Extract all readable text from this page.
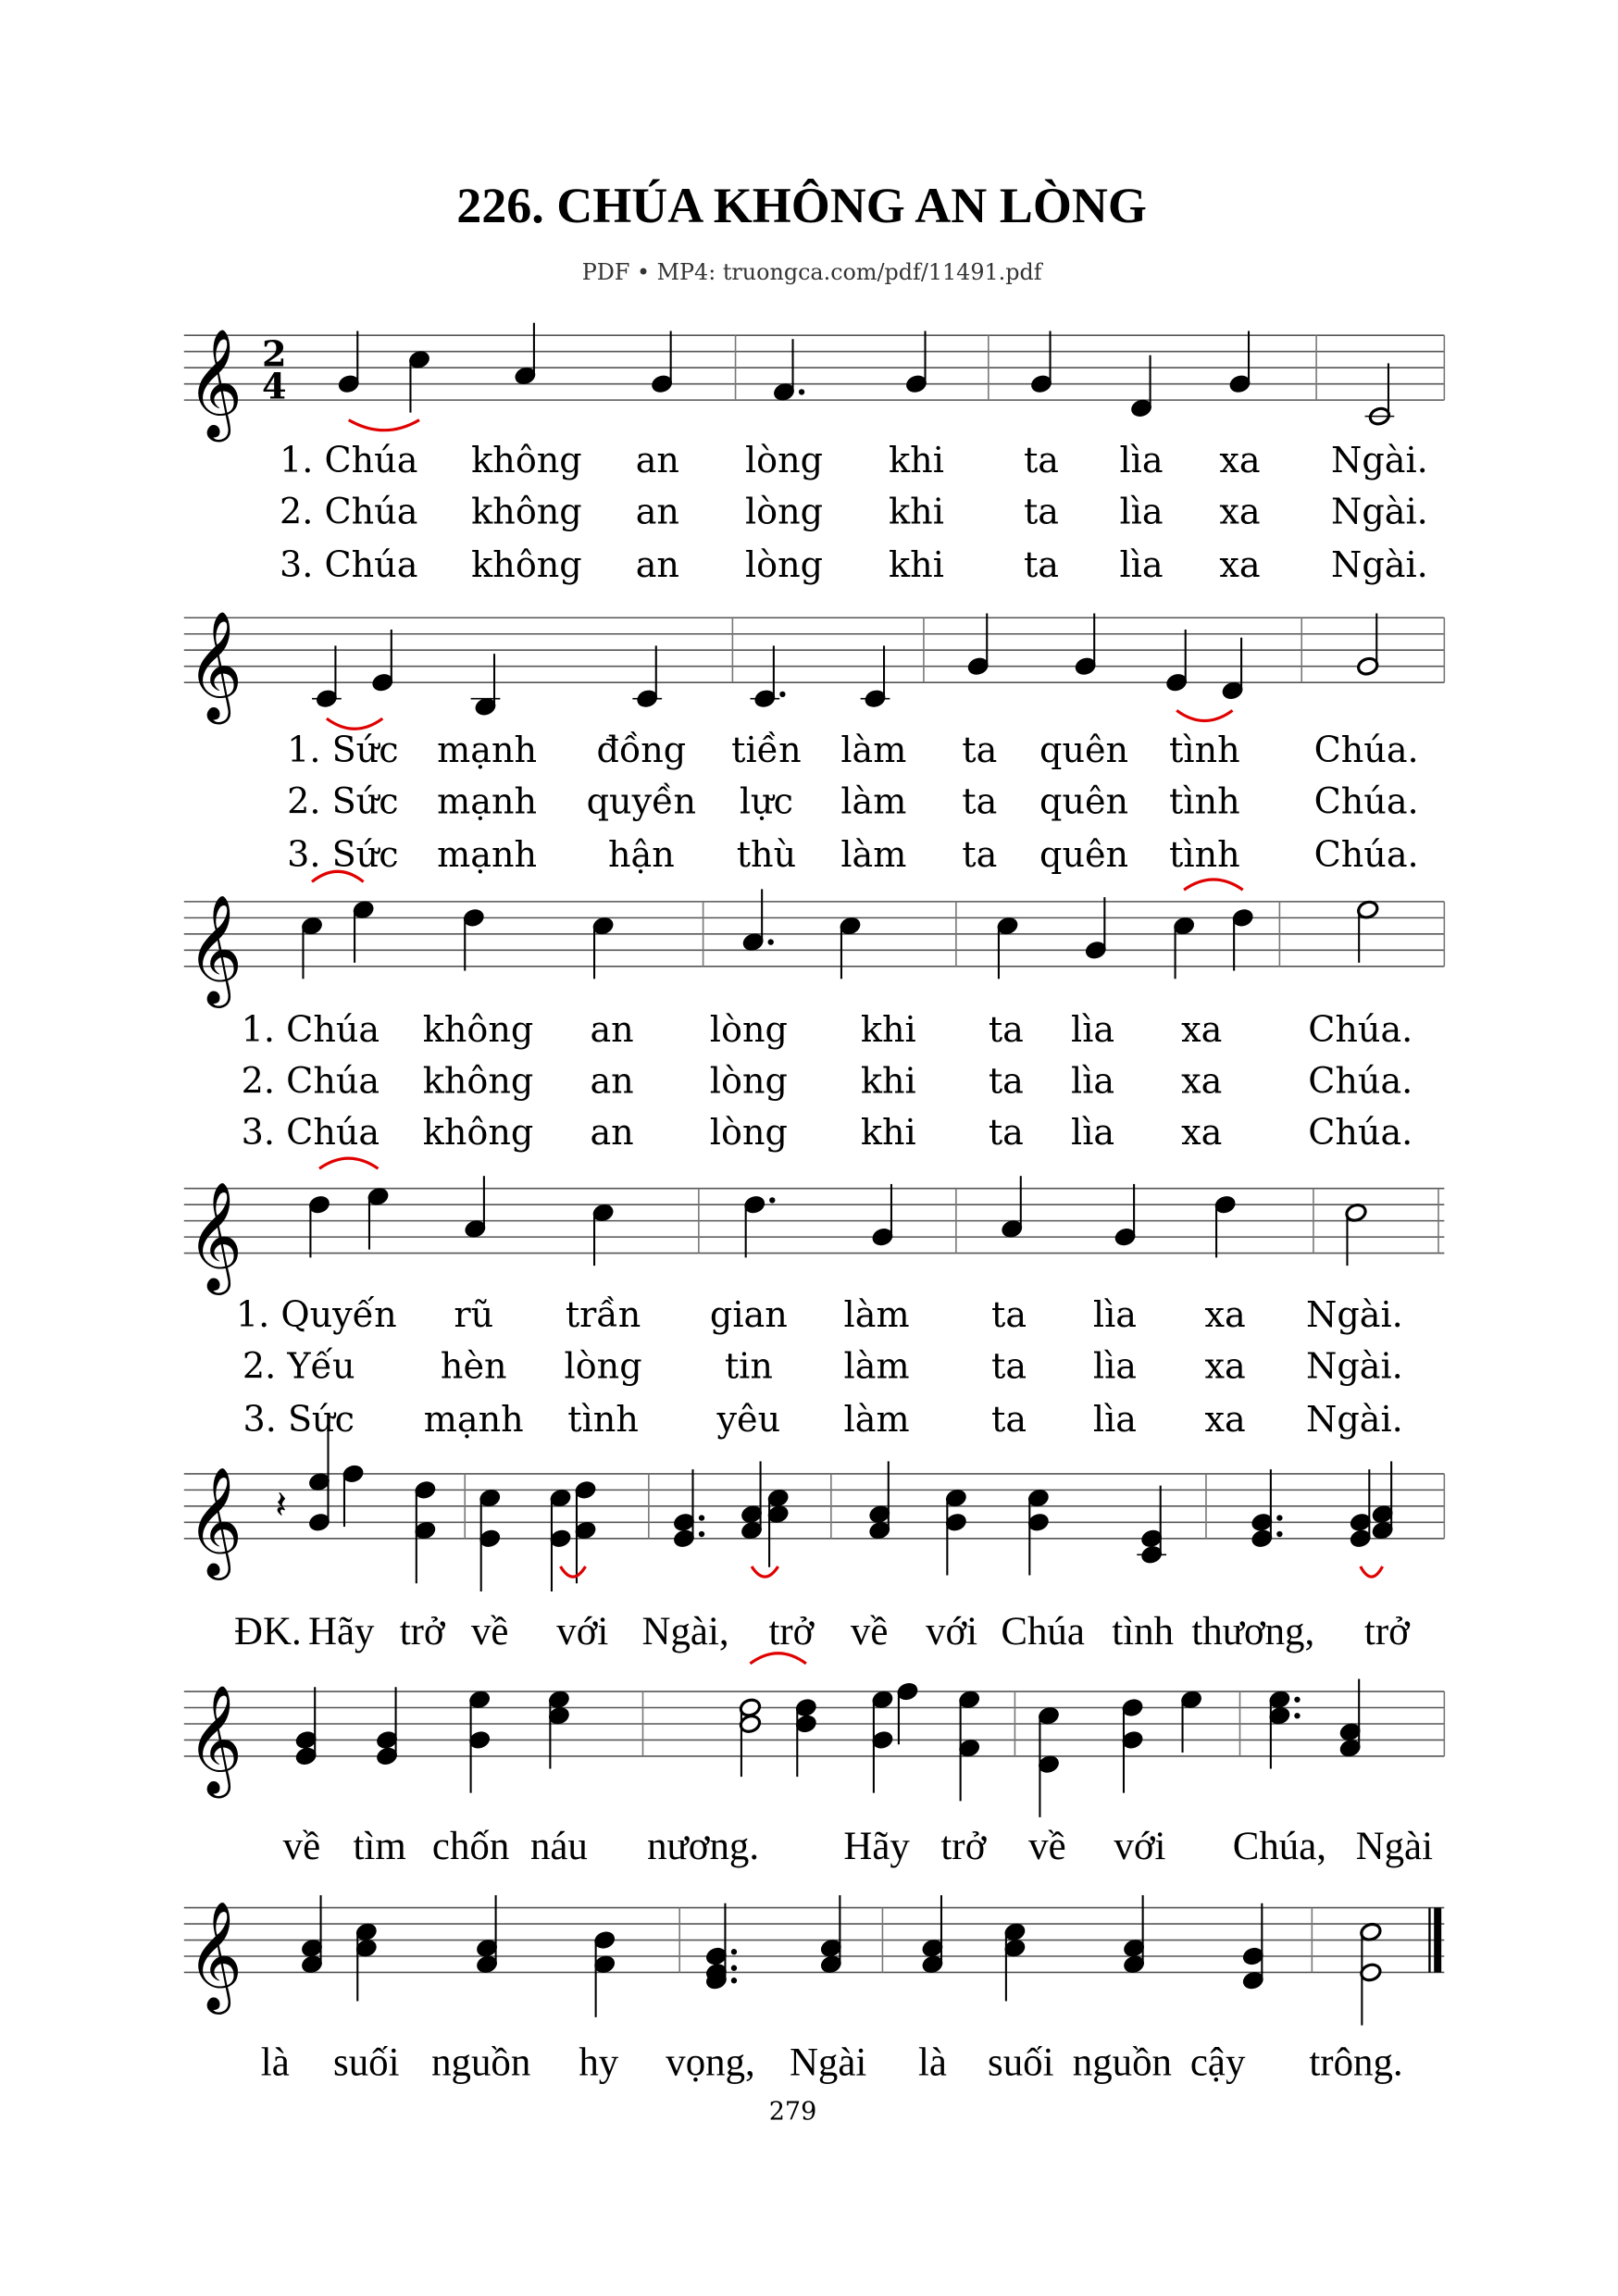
226. CHÚA KHÔNG AN LÒNG
PDF • MP4: truongca.com/pdf/11491.pdf
𝄞 2
4
𝄞
𝄞
𝄞
𝄞 𝄽
𝄞
𝄞
1. Chúa không an	lòng	khi	ta	lìa	xa	Ngài.
2. Chúa không an	lòng	khi	ta	lìa	xa	Ngài.
3. Chúa không an	lòng	khi	ta	lìa	xa	Ngài.
1. Sức mạnh	đồng tiền làm ta quên tình	Chúa.
2. Sức mạnh quyền lực làm ta quên tình	Chúa.
3. Sức mạnh	hận	thù làm ta quên tình	Chúa.
1. Chúa không	an	lòng	khi	ta lìa	xa	Chúa.
2. Chúa không	an	lòng	khi	ta lìa	xa	Chúa.
3. Chúa không	an	lòng	khi	ta lìa	xa	Chúa.
1. Quyến	rũ	trần	gian	làm	ta	lìa	xa	Ngài.
2. Yếu	hèn	lòng	tin	làm	ta	lìa	xa	Ngài.
3. Sức	mạnh tình	yêu	làm	ta	lìa	xa	Ngài.
ĐK. Hãy trở về với Ngài, trở về với Chúa tình thương, trở
về tìm chốn náu nương.	Hãy trở về với	Chúa, Ngài
là suối nguồn hy vọng, Ngài là suối nguồn cậy	trông.
279
